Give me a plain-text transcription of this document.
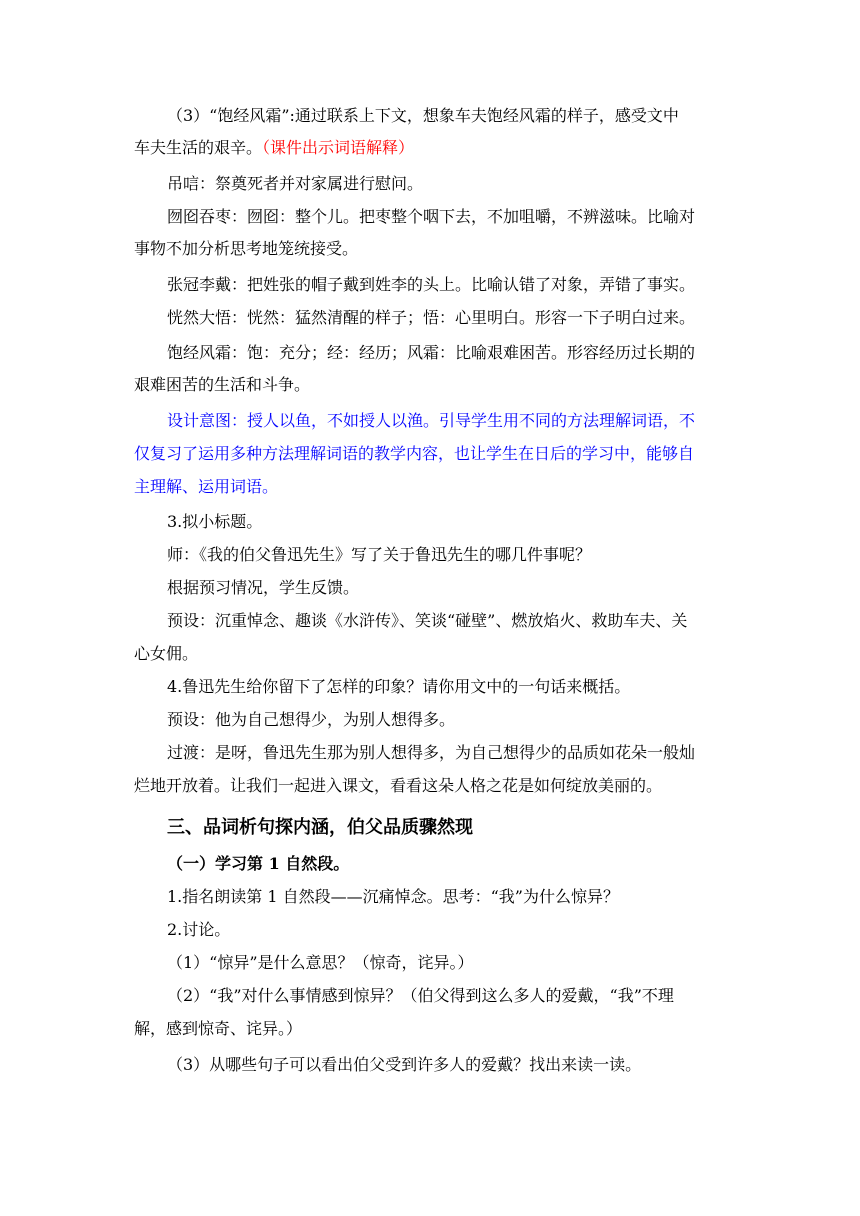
（3）“饱经风霜”:通过联系上下文，想象车夫饱经风霜的样子，感受文中
车夫生活的艰辛。（课件出示词语解释）
吊唁：祭奠死者并对家属进行慰问。
囫囵吞枣：囫囵：整个儿。把枣整个咽下去，不加咀嚼，不辨滋味。比喻对
事物不加分析思考地笼统接受。
张冠李戴：把姓张的帽子戴到姓李的头上。比喻认错了对象，弄错了事实。
恍然大悟：恍然：猛然清醒的样子；悟：心里明白。形容一下子明白过来。
饱经风霜：饱：充分；经：经历；风霜：比喻艰难困苦。形容经历过长期的
艰难困苦的生活和斗争。
设计意图：授人以鱼，不如授人以渔。引导学生用不同的方法理解词语，不
仅复习了运用多种方法理解词语的教学内容，也让学生在日后的学习中，能够自
主理解、运用词语。
3.拟小标题。
师：《我的伯父鲁迅先生》写了关于鲁迅先生的哪几件事呢？
根据预习情况，学生反馈。
预设：沉重悼念、趣谈《水浒传》、笑谈“碰壁”、燃放焰火、救助车夫、关
心女佣。
4.鲁迅先生给你留下了怎样的印象？请你用文中的一句话来概括。
预设：他为自己想得少，为别人想得多。
过渡：是呀，鲁迅先生那为别人想得多，为自己想得少的品质如花朵一般灿
烂地开放着。让我们一起进入课文，看看这朵人格之花是如何绽放美丽的。
三、品词析句探内涵，伯父品质骤然现
（一）学习第 1 自然段。
1.指名朗读第 1 自然段——沉痛悼念。思考：“我”为什么惊异？
2.讨论。
（1）“惊异”是什么意思？（惊奇，诧异。）
（2）“我”对什么事情感到惊异？（伯父得到这么多人的爱戴，“我”不理
解，感到惊奇、诧异。）
（3）从哪些句子可以看出伯父受到许多人的爱戴？找出来读一读。
